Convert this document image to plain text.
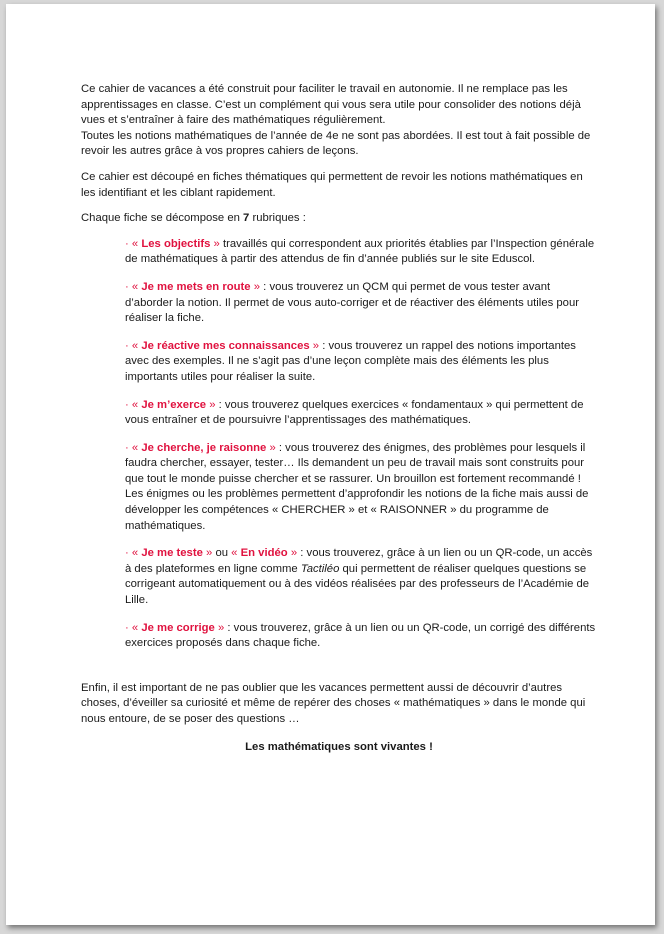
Ce cahier de vacances a été construit pour faciliter le travail en autonomie. Il ne remplace pas les apprentissages en classe. C’est un complément qui vous sera utile pour consolider des notions déjà vues et s’entraîner à faire des mathématiques régulièrement.

Toutes les notions mathématiques de l’année de 4e ne sont pas abordées. Il est tout à fait possible de revoir les autres grâce à vos propres cahiers de leçons.

Ce cahier est découpé en fiches thématiques qui permettent de revoir les notions mathématiques en les identifiant et les ciblant rapidement.

Chaque fiche se décompose en 7 rubriques :

· « Les objectifs » travaillés qui correspondent aux priorités établies par l’Inspection générale de mathématiques à partir des attendus de fin d’année publiés sur le site Eduscol.

· « Je me mets en route » : vous trouverez un QCM qui permet de vous tester avant d’aborder la notion. Il permet de vous auto-corriger et de réactiver des éléments utiles pour réaliser la fiche.

· « Je réactive mes connaissances » : vous trouverez un rappel des notions importantes avec des exemples. Il ne s’agit pas d’une leçon complète mais des éléments les plus importants utiles pour réaliser la suite.

· « Je m’exerce » : vous trouverez quelques exercices « fondamentaux » qui permettent de vous entraîner et de poursuivre l’apprentissages des mathématiques.

· « Je cherche, je raisonne » : vous trouverez des énigmes, des problèmes pour lesquels il faudra chercher, essayer, tester… Ils demandent un peu de travail mais sont construits pour que tout le monde puisse chercher et se rassurer. Un brouillon est fortement recommandé ! Les énigmes ou les problèmes permettent d’approfondir les notions de la fiche mais aussi de développer les compétences « CHERCHER » et « RAISONNER » du programme de mathématiques.

· « Je me teste » ou « En vidéo » : vous trouverez, grâce à un lien ou un QR-code, un accès à des plateformes en ligne comme Tactiléo qui permettent de réaliser quelques questions se corrigeant automatiquement ou à des vidéos réalisées par des professeurs de l’Académie de Lille.

· « Je me corrige » : vous trouverez, grâce à un lien ou un QR-code, un corrigé des différents exercices proposés dans chaque fiche.

Enfin, il est important de ne pas oublier que les vacances permettent aussi de découvrir d’autres choses, d’éveiller sa curiosité et même de repérer des choses « mathématiques » dans le monde qui nous entoure, de se poser des questions …

Les mathématiques sont vivantes !
